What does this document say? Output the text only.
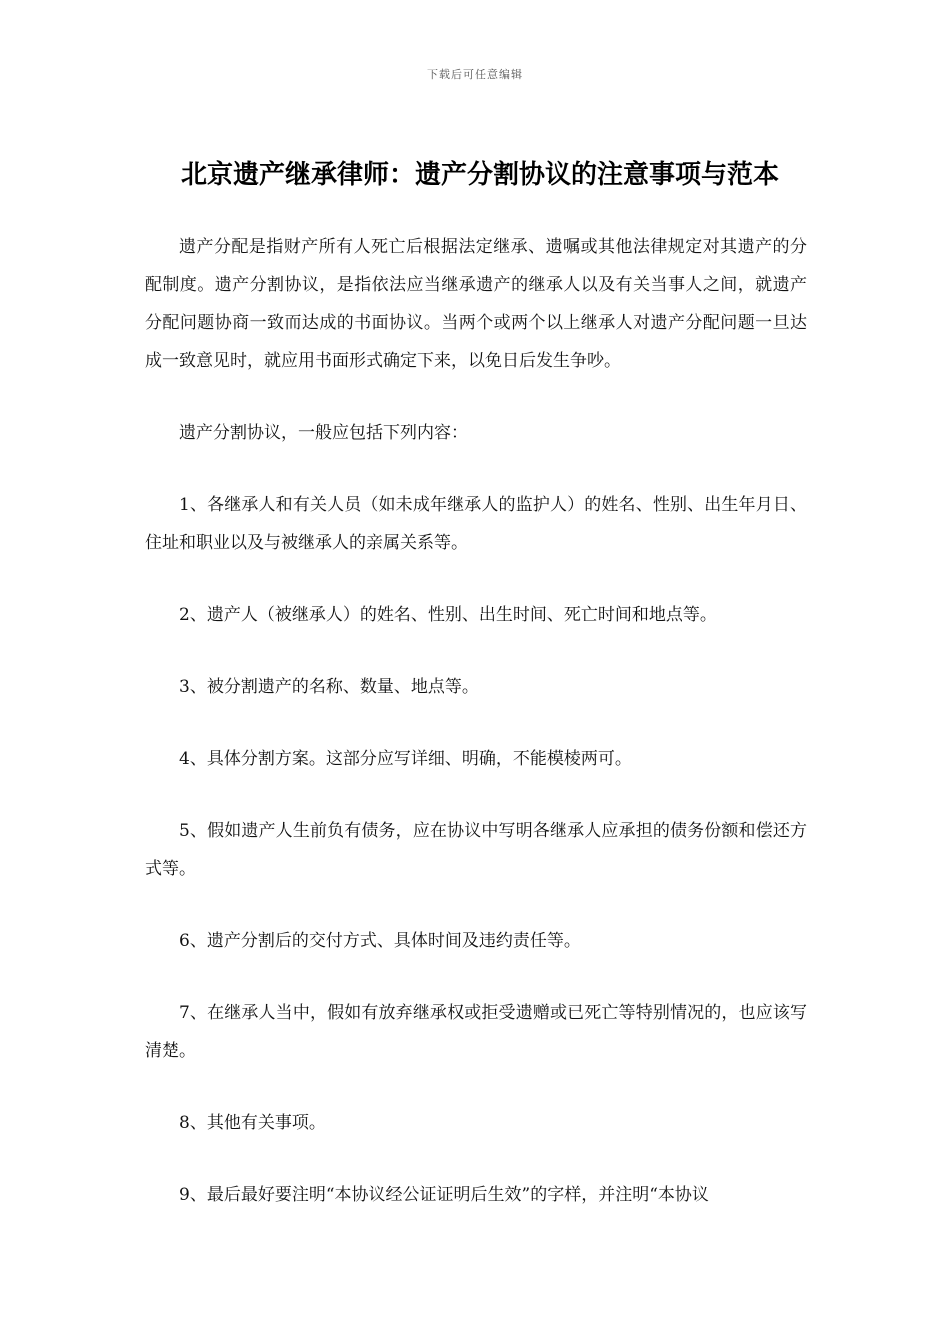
下载后可任意编辑
北京遗产继承律师：遗产分割协议的注意事项与范本

遗产分配是指财产所有人死亡后根据法定继承、遗嘱或其他法律规定对其遗产的分配制度。遗产分割协议，是指依法应当继承遗产的继承人以及有关当事人之间，就遗产分配问题协商一致而达成的书面协议。当两个或两个以上继承人对遗产分配问题一旦达成一致意见时，就应用书面形式确定下来，以免日后发生争吵。

遗产分割协议，一般应包括下列内容：

1、各继承人和有关人员（如未成年继承人的监护人）的姓名、性别、出生年月日、住址和职业以及与被继承人的亲属关系等。

2、遗产人（被继承人）的姓名、性别、出生时间、死亡时间和地点等。

3、被分割遗产的名称、数量、地点等。

4、具体分割方案。这部分应写详细、明确，不能模棱两可。

5、假如遗产人生前负有债务，应在协议中写明各继承人应承担的债务份额和偿还方式等。

6、遗产分割后的交付方式、具体时间及违约责任等。

7、在继承人当中，假如有放弃继承权或拒受遗赠或已死亡等特别情况的，也应该写清楚。

8、其他有关事项。

9、最后最好要注明“本协议经公证证明后生效”的字样，并注明“本协议
